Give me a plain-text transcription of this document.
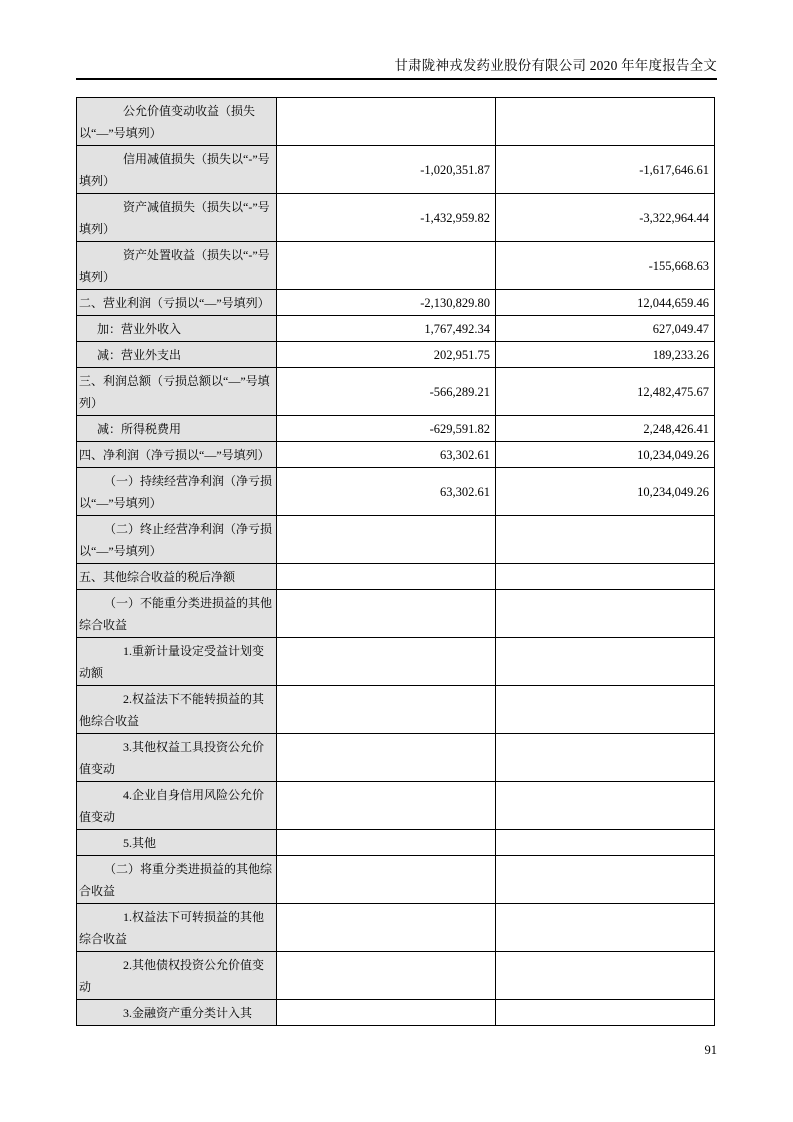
甘肃陇神戎发药业股份有限公司 2020 年年度报告全文
公允价值变动收益（损失以“—”号填列）		
信用减值损失（损失以“-”号填列）	-1,020,351.87	-1,617,646.61
资产减值损失（损失以“-”号填列）	-1,432,959.82	-3,322,964.44
资产处置收益（损失以“-”号填列）		-155,668.63
二、营业利润（亏损以“—”号填列）	-2,130,829.80	12,044,659.46
加：营业外收入	1,767,492.34	627,049.47
减：营业外支出	202,951.75	189,233.26
三、利润总额（亏损总额以“—”号填列）	-566,289.21	12,482,475.67
减：所得税费用	-629,591.82	2,248,426.41
四、净利润（净亏损以“—”号填列）	63,302.61	10,234,049.26
（一）持续经营净利润（净亏损以“—”号填列）	63,302.61	10,234,049.26
（二）终止经营净利润（净亏损以“—”号填列）		
五、其他综合收益的税后净额		
（一）不能重分类进损益的其他综合收益		
1.重新计量设定受益计划变动额		
2.权益法下不能转损益的其他综合收益		
3.其他权益工具投资公允价值变动		
4.企业自身信用风险公允价值变动		
5.其他		
（二）将重分类进损益的其他综合收益		
1.权益法下可转损益的其他综合收益		
2.其他债权投资公允价值变动		
3.金融资产重分类计入其		
91
